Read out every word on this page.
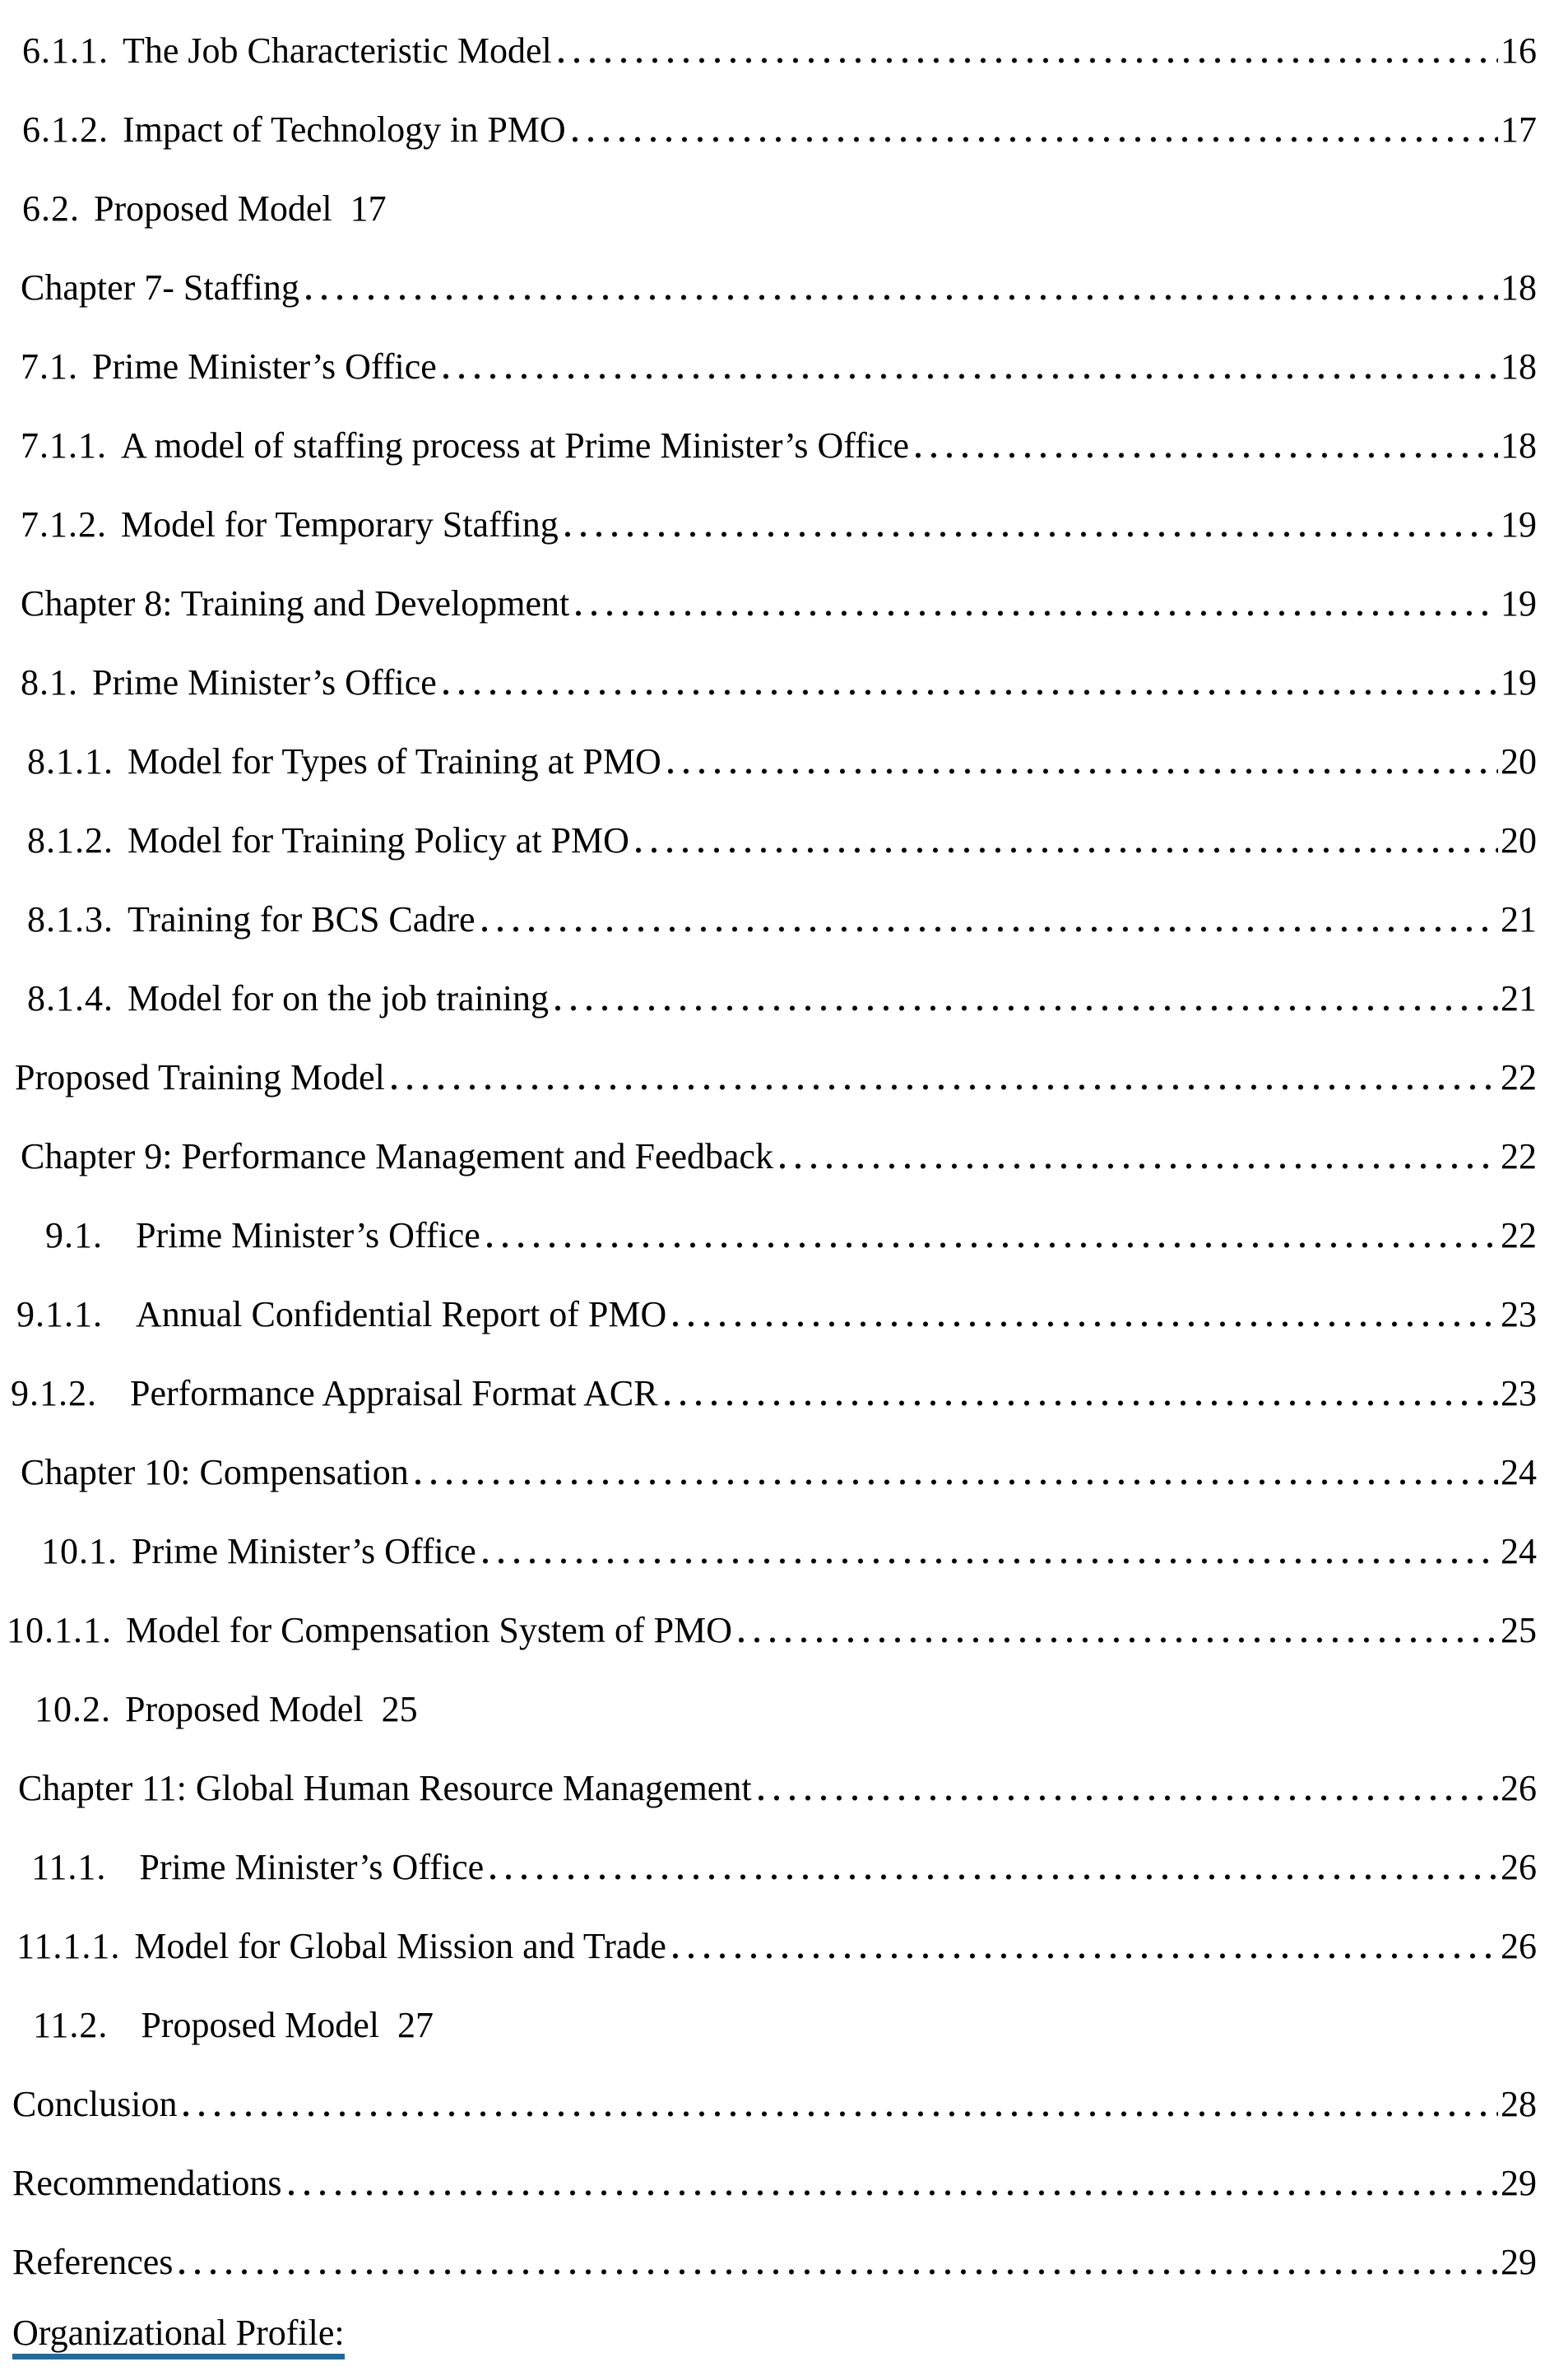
6.1.1. The Job Characteristic Model	16
6.1.2. Impact of Technology in PMO	17
6.2. Proposed Model 17
Chapter 7- Staffing	18
7.1. Prime Minister’s Office	18
7.1.1. A model of staffing process at Prime Minister’s Office	18
7.1.2. Model for Temporary Staffing	19
Chapter 8: Training and Development	19
8.1. Prime Minister’s Office	19
8.1.1. Model for Types of Training at PMO	20
8.1.2. Model for Training Policy at PMO	20
8.1.3. Training for BCS Cadre	21
8.1.4. Model for on the job training	21
Proposed Training Model	22
Chapter 9: Performance Management and Feedback	22
9.1. Prime Minister’s Office	22
9.1.1. Annual Confidential Report of PMO	23
9.1.2. Performance Appraisal Format ACR	23
Chapter 10: Compensation	24
10.1. Prime Minister’s Office	24
10.1.1. Model for Compensation System of PMO	25
10.2. Proposed Model 25
Chapter 11: Global Human Resource Management	26
11.1. Prime Minister’s Office	26
11.1.1. Model for Global Mission and Trade	26
11.2. Proposed Model 27
Conclusion	28
Recommendations	29
References	29
Organizational Profile:
